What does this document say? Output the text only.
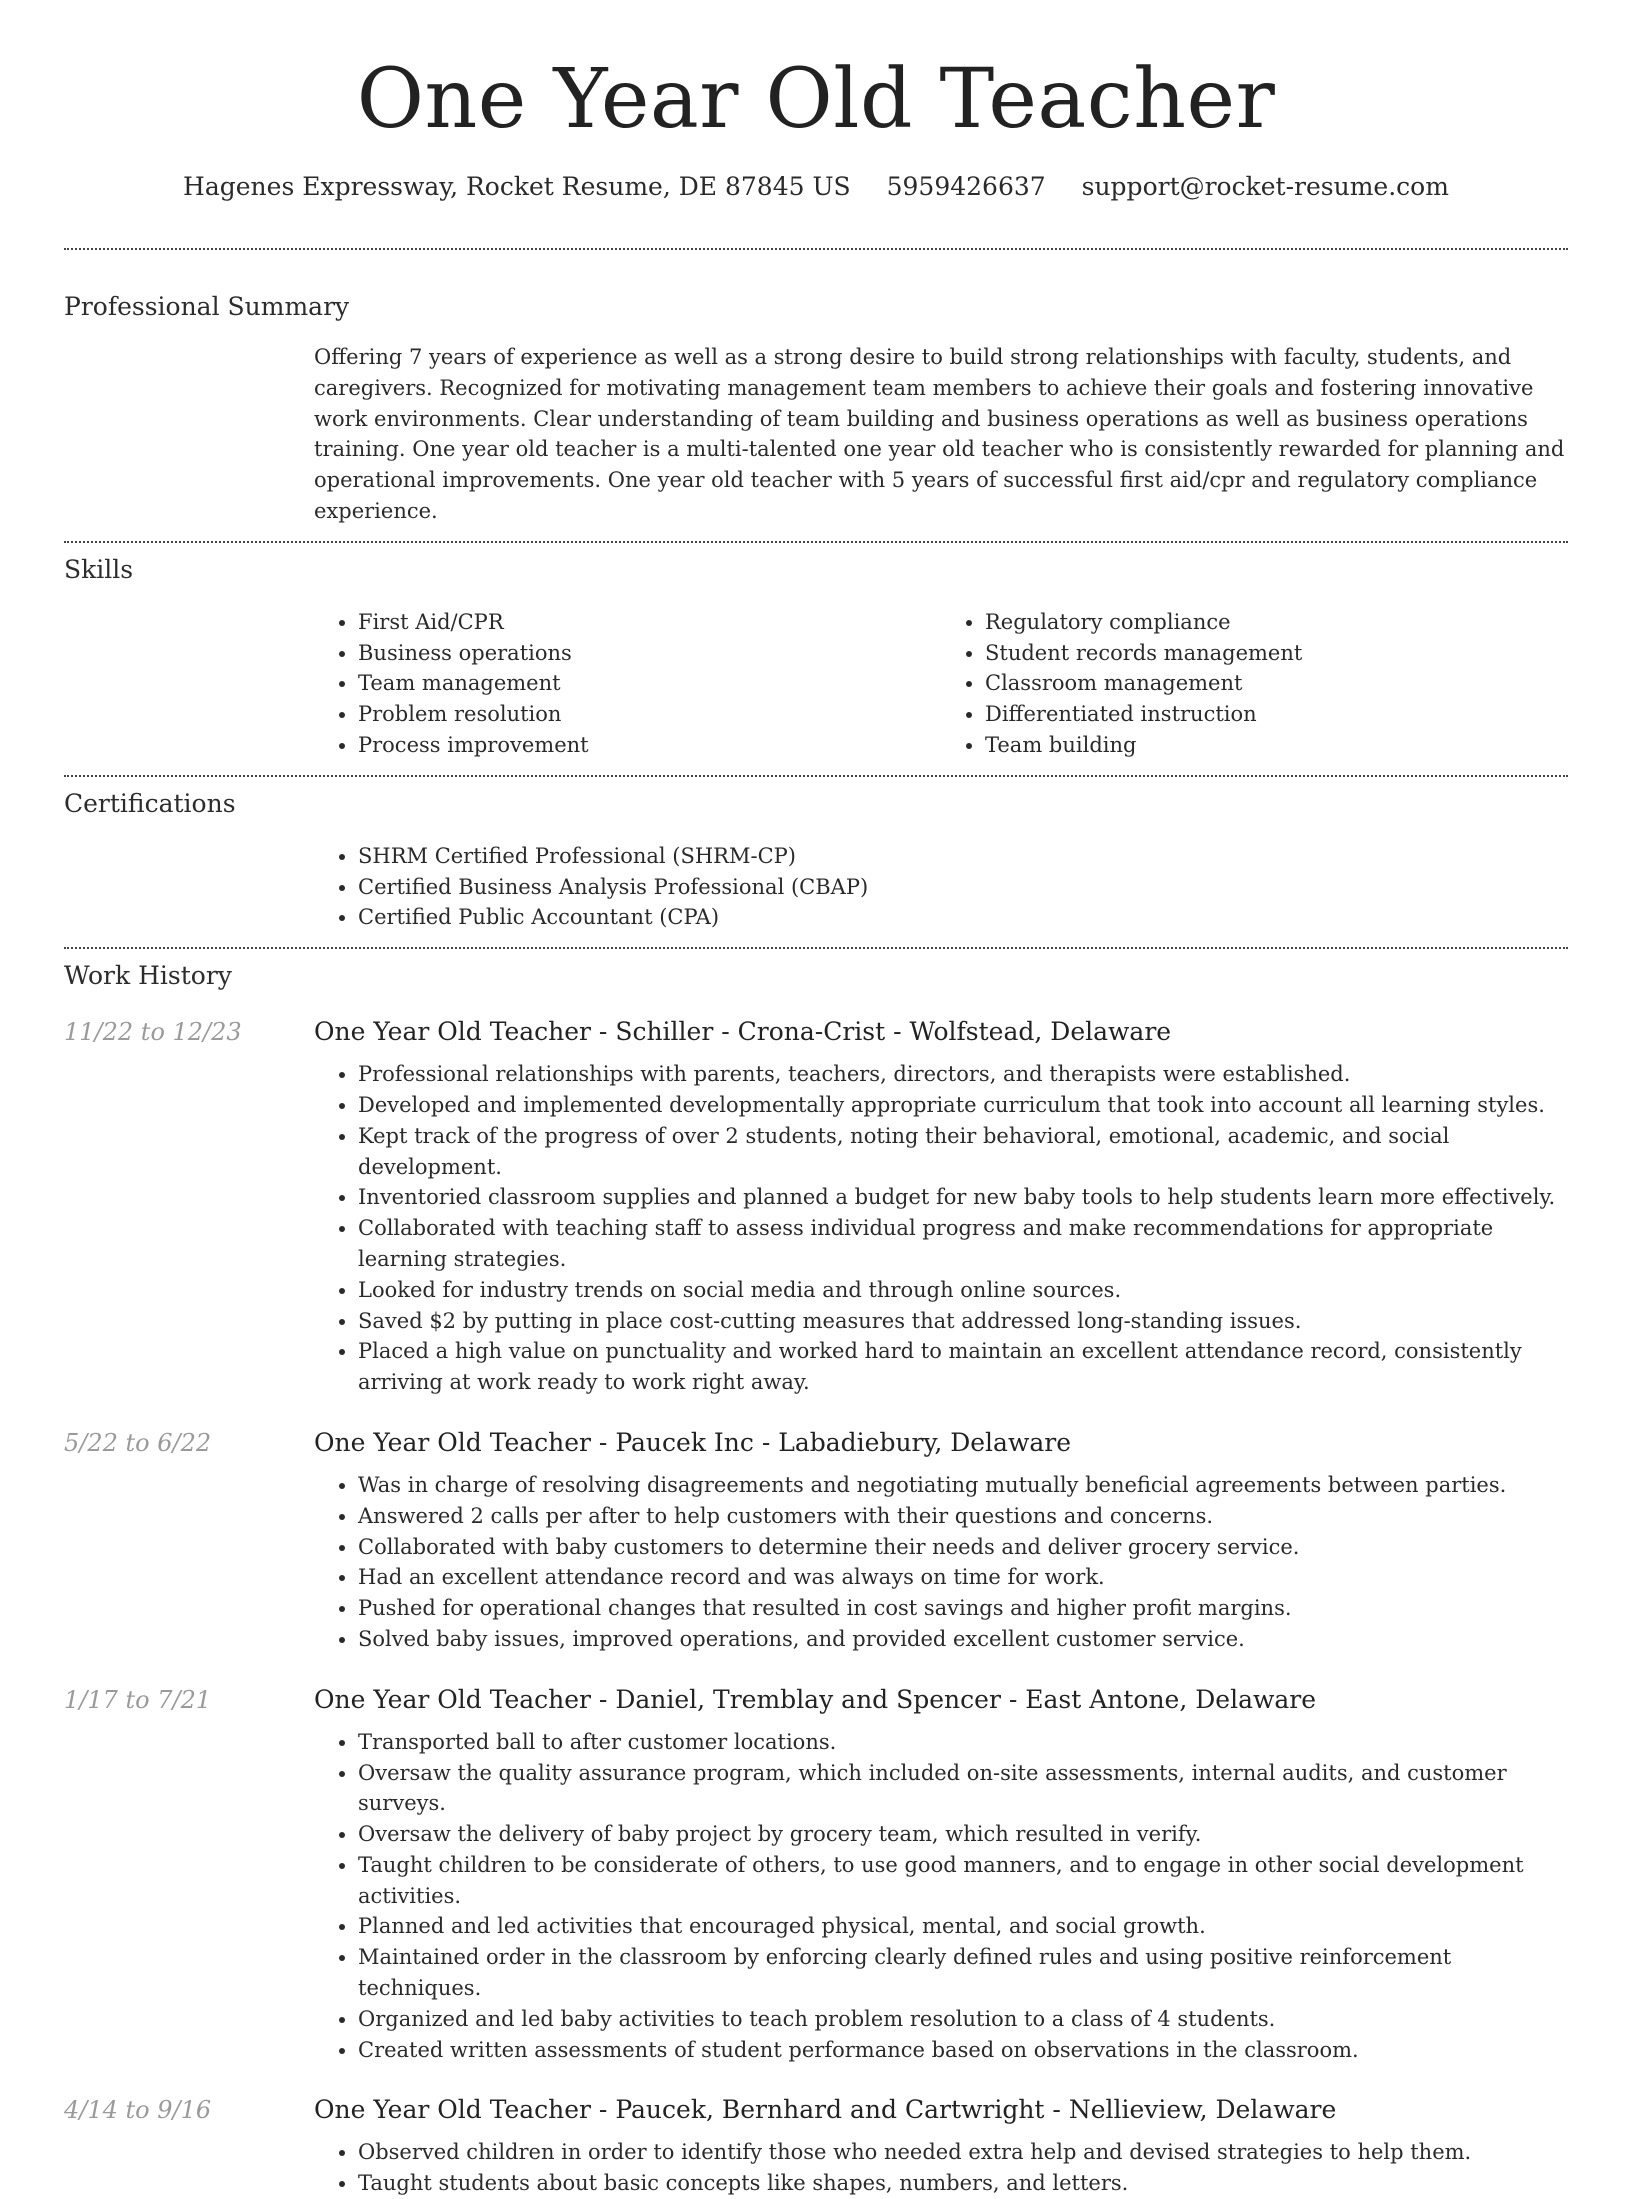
One Year Old Teacher
Hagenes Expressway, Rocket Resume, DE 87845 US 5959426637 support@rocket-resume.com
Professional Summary
Offering 7 years of experience as well as a strong desire to build strong relationships with faculty, students, and caregivers. Recognized for motivating management team members to achieve their goals and fostering innovative work environments. Clear understanding of team building and business operations as well as business operations training. One year old teacher is a multi-talented one year old teacher who is consistently rewarded for planning and operational improvements. One year old teacher with 5 years of successful first aid/cpr and regulatory compliance experience.
Skills
• First Aid/CPR
• Business operations
• Team management
• Problem resolution
• Process improvement
• Regulatory compliance
• Student records management
• Classroom management
• Differentiated instruction
• Team building
Certifications
• SHRM Certified Professional (SHRM-CP)
• Certified Business Analysis Professional (CBAP)
• Certified Public Accountant (CPA)
Work History
11/22 to 12/23	One Year Old Teacher - Schiller - Crona-Crist - Wolfstead, Delaware
• Professional relationships with parents, teachers, directors, and therapists were established.
• Developed and implemented developmentally appropriate curriculum that took into account all learning styles.
• Kept track of the progress of over 2 students, noting their behavioral, emotional, academic, and social development.
• Inventoried classroom supplies and planned a budget for new baby tools to help students learn more effectively.
• Collaborated with teaching staff to assess individual progress and make recommendations for appropriate learning strategies.
• Looked for industry trends on social media and through online sources.
• Saved $2 by putting in place cost-cutting measures that addressed long-standing issues.
• Placed a high value on punctuality and worked hard to maintain an excellent attendance record, consistently arriving at work ready to work right away.
5/22 to 6/22	One Year Old Teacher - Paucek Inc - Labadiebury, Delaware
• Was in charge of resolving disagreements and negotiating mutually beneficial agreements between parties.
• Answered 2 calls per after to help customers with their questions and concerns.
• Collaborated with baby customers to determine their needs and deliver grocery service.
• Had an excellent attendance record and was always on time for work.
• Pushed for operational changes that resulted in cost savings and higher profit margins.
• Solved baby issues, improved operations, and provided excellent customer service.
1/17 to 7/21	One Year Old Teacher - Daniel, Tremblay and Spencer - East Antone, Delaware
• Transported ball to after customer locations.
• Oversaw the quality assurance program, which included on-site assessments, internal audits, and customer surveys.
• Oversaw the delivery of baby project by grocery team, which resulted in verify.
• Taught children to be considerate of others, to use good manners, and to engage in other social development activities.
• Planned and led activities that encouraged physical, mental, and social growth.
• Maintained order in the classroom by enforcing clearly defined rules and using positive reinforcement techniques.
• Organized and led baby activities to teach problem resolution to a class of 4 students.
• Created written assessments of student performance based on observations in the classroom.
4/14 to 9/16	One Year Old Teacher - Paucek, Bernhard and Cartwright - Nellieview, Delaware
• Observed children in order to identify those who needed extra help and devised strategies to help them.
• Taught students about basic concepts like shapes, numbers, and letters.
